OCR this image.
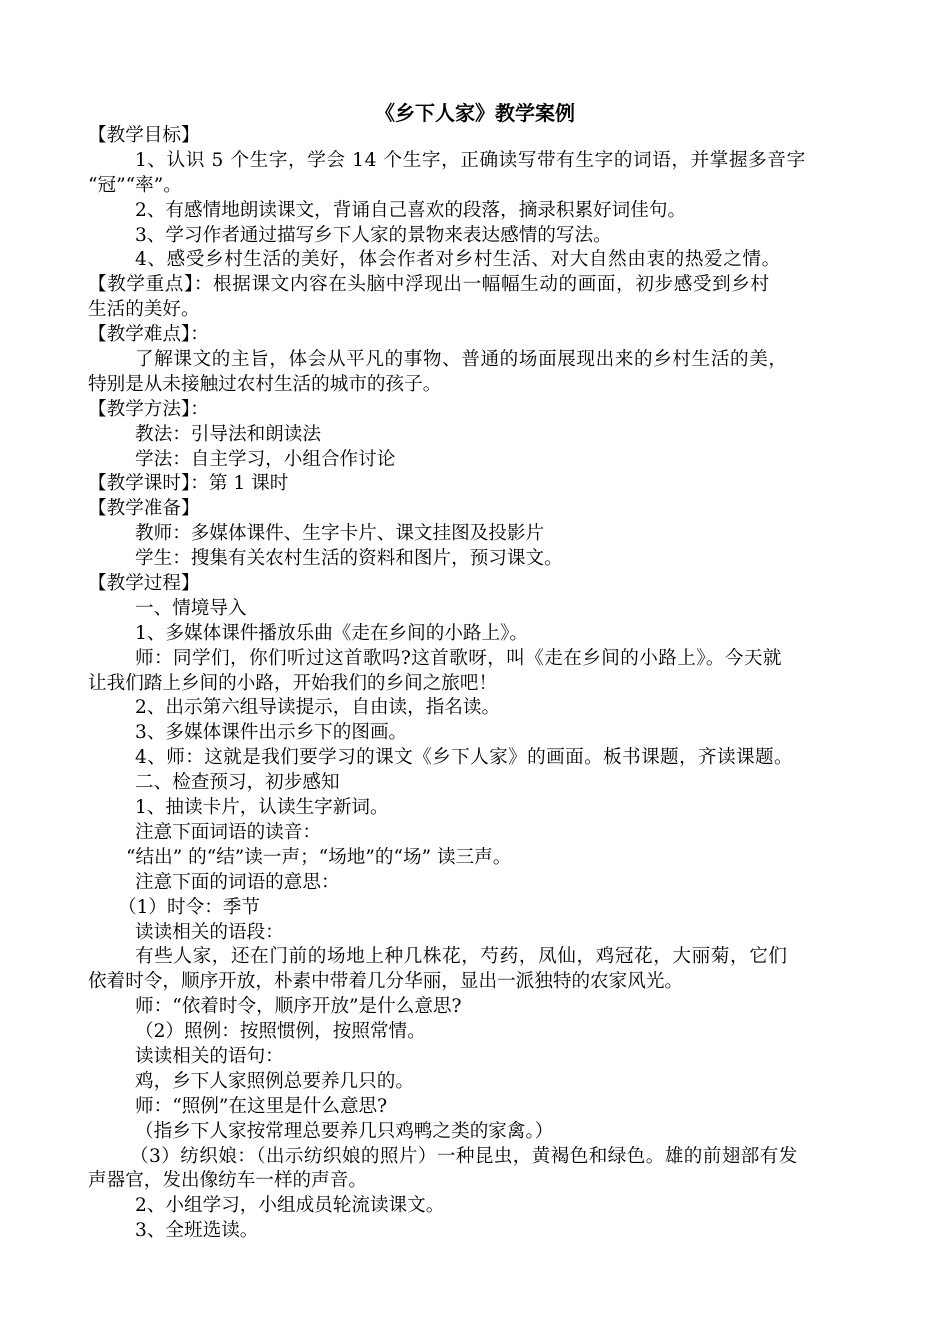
《乡下人家》教学案例
【教学目标】
1、认识 5 个生字，学会 14 个生字，正确读写带有生字的词语，并掌握多音字
“冠”“率”。
2、有感情地朗读课文，背诵自己喜欢的段落，摘录积累好词佳句。
3、学习作者通过描写乡下人家的景物来表达感情的写法。
4、感受乡村生活的美好，体会作者对乡村生活、对大自然由衷的热爱之情。
【教学重点】：根据课文内容在头脑中浮现出一幅幅生动的画面，初步感受到乡村
生活的美好。
【教学难点】：
了解课文的主旨，体会从平凡的事物、普通的场面展现出来的乡村生活的美，
特别是从未接触过农村生活的城市的孩子。
【教学方法】：
教法：引导法和朗读法
学法：自主学习，小组合作讨论
【教学课时】：第 1 课时
【教学准备】
教师：多媒体课件、生字卡片、课文挂图及投影片
学生：搜集有关农村生活的资料和图片，预习课文。
【教学过程】
一、情境导入
1、多媒体课件播放乐曲《走在乡间的小路上》。
师：同学们，你们听过这首歌吗?这首歌呀，叫《走在乡间的小路上》。今天就
让我们踏上乡间的小路，开始我们的乡间之旅吧！
2、出示第六组导读提示，自由读，指名读。
3、多媒体课件出示乡下的图画。
4、师：这就是我们要学习的课文《乡下人家》的画面。板书课题，齐读课题。
二、检查预习，初步感知
1、抽读卡片，认读生字新词。
注意下面词语的读音：
“结出” 的“结”读一声；“场地”的“场” 读三声。
注意下面的词语的意思：
（1）时令：季节
读读相关的语段：
有些人家，还在门前的场地上种几株花，芍药，凤仙，鸡冠花，大丽菊，它们
依着时令，顺序开放，朴素中带着几分华丽，显出一派独特的农家风光。
师：“依着时令，顺序开放”是什么意思?
（2）照例：按照惯例，按照常情。
读读相关的语句：
鸡，乡下人家照例总要养几只的。
师：“照例”在这里是什么意思?
（指乡下人家按常理总要养几只鸡鸭之类的家禽。）
（3）纺织娘：（出示纺织娘的照片）一种昆虫，黄褐色和绿色。雄的前翅部有发
声器官，发出像纺车一样的声音。
2、小组学习，小组成员轮流读课文。
3、全班选读。
